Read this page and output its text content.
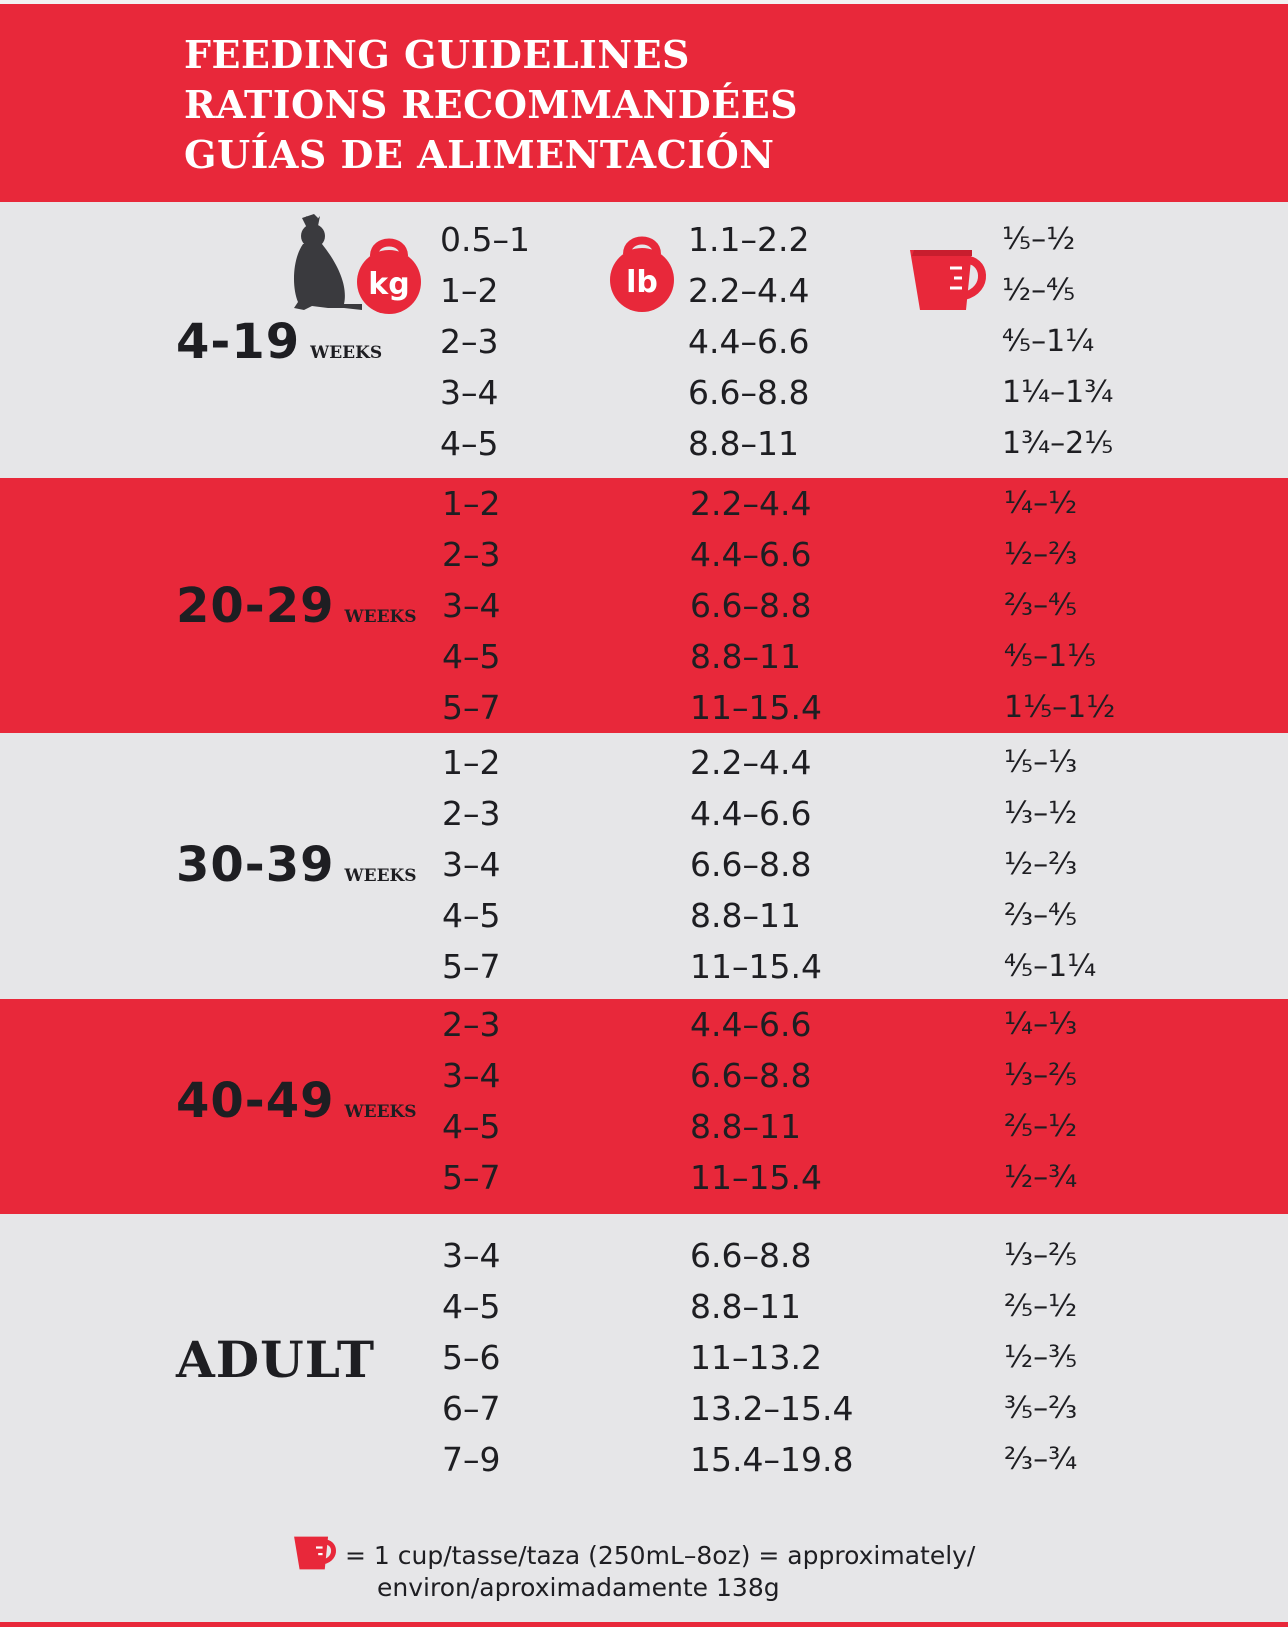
FEEDING GUIDELINES
RATIONS RECOMMANDÉES
GUÍAS DE ALIMENTACIÓN
4-19 WEEKS
0.5–1	1.1–2.2	⅕–½
1–2	2.2–4.4	½–⅘
2–3	4.4–6.6	⅘–1¼
3–4	6.6–8.8	1¼–1¾
4–5	8.8–11	1¾–2⅕
20-29 WEEKS
1–2	2.2–4.4	¼–½
2–3	4.4–6.6	½–⅔
3–4	6.6–8.8	⅔–⅘
4–5	8.8–11	⅘–1⅕
5–7	11–15.4	1⅕–1½
30-39 WEEKS
1–2	2.2–4.4	⅕–⅓
2–3	4.4–6.6	⅓–½
3–4	6.6–8.8	½–⅔
4–5	8.8–11	⅔–⅘
5–7	11–15.4	⅘–1¼
40-49 WEEKS
2–3	4.4–6.6	¼–⅓
3–4	6.6–8.8	⅓–⅖
4–5	8.8–11	⅖–½
5–7	11–15.4	½–¾
ADULT
3–4	6.6–8.8	⅓–⅖
4–5	8.8–11	⅖–½
5–6	11–13.2	½–⅗
6–7	13.2–15.4	⅗–⅔
7–9	15.4–19.8	⅔–¾
kg	lb
= 1 cup/tasse/taza (250mL–8oz) = approximately/
environ/aproximadamente 138g
